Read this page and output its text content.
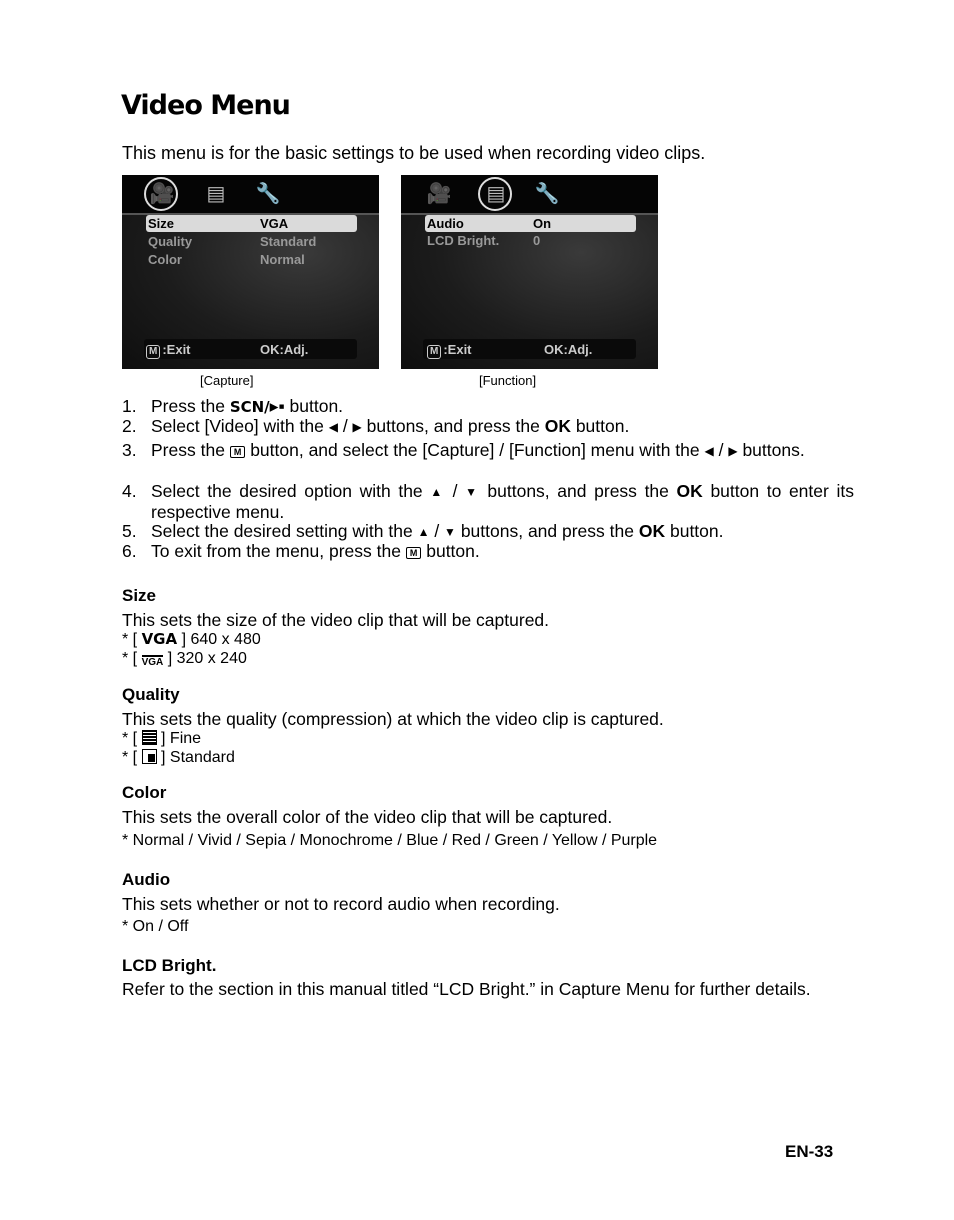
Video Menu
This menu is for the basic settings to be used when recording video clips.
🎥	▤	🔧
Size	VGA
Quality	Standard
Color	Normal
M :Exit	OK:Adj.
[Capture]
🎥	▤	🔧
Audio	On
LCD Bright.	0
M :Exit	OK:Adj.
[Function]
1. Press the SCN/▸▪ button.
2. Select [Video] with the ◀ / ▶ buttons, and press the OK button.
3. Press the M button, and select the [Capture] / [Function] menu with the ◀ / ▶ buttons.
4. Select the desired option with the ▲ / ▼ buttons, and press the OK button to enter its respective menu.
5. Select the desired setting with the ▲ / ▼ buttons, and press the OK button.
6. To exit from the menu, press the M button.
Size
This sets the size of the video clip that will be captured.
* [ VGA ] 640 x 480
* [ VGA ] 320 x 240
Quality
This sets the quality (compression) at which the video clip is captured.
* [ ] Fine
* [ ] Standard
Color
This sets the overall color of the video clip that will be captured.
* Normal / Vivid / Sepia / Monochrome / Blue / Red / Green / Yellow / Purple
Audio
This sets whether or not to record audio when recording.
* On / Off
LCD Bright.
Refer to the section in this manual titled “LCD Bright.” in Capture Menu for further details.
EN-33
